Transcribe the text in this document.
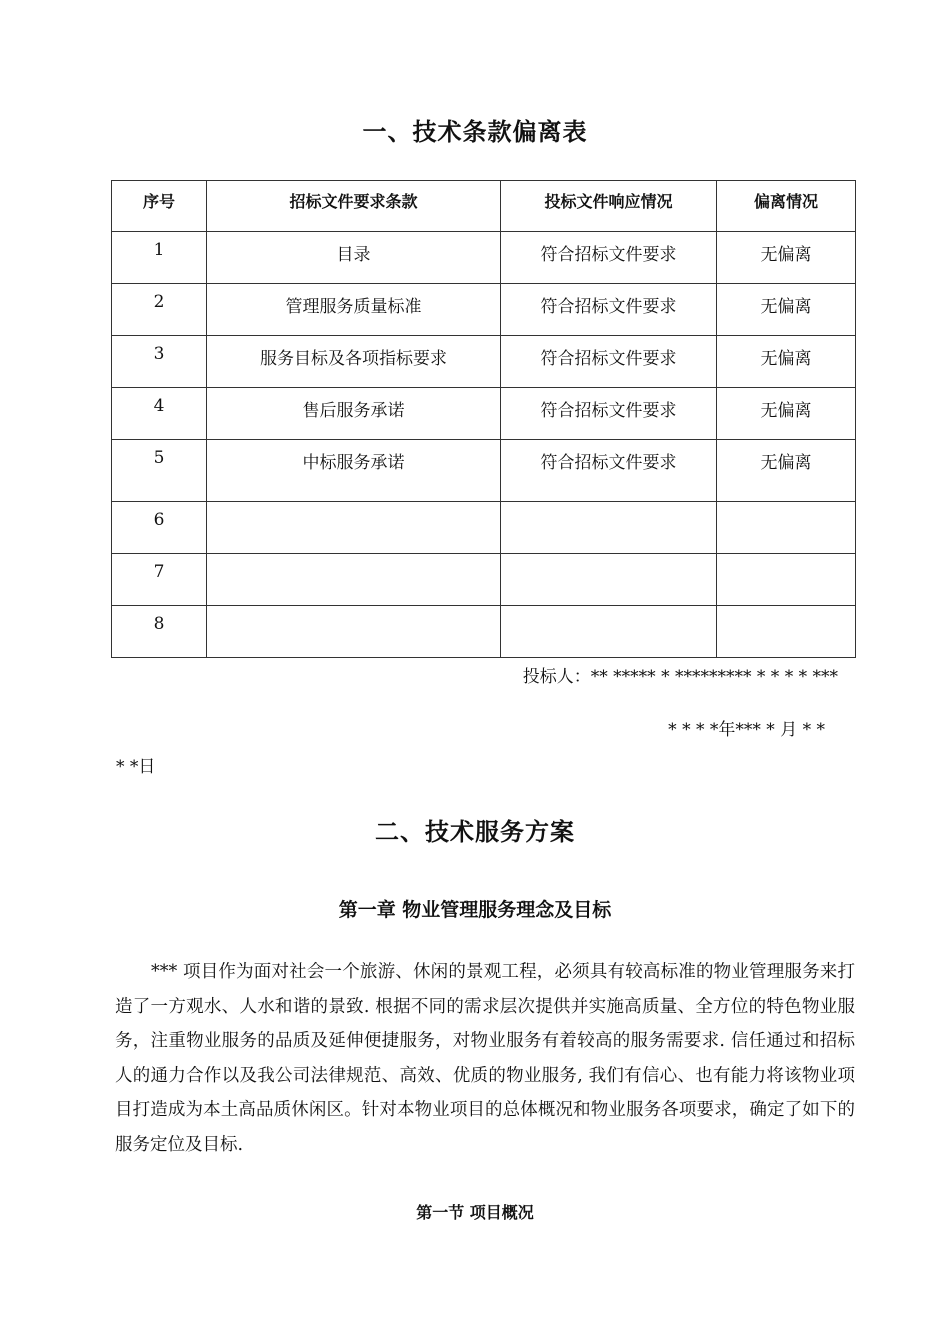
一、技术条款偏离表
序号	招标文件要求条款	投标文件响应情况	偏离情况
1	目录	符合招标文件要求	无偏离
2	管理服务质量标准	符合招标文件要求	无偏离
3	服务目标及各项指标要求	符合招标文件要求	无偏离
4	售后服务承诺	符合招标文件要求	无偏离
5	中标服务承诺	符合招标文件要求	无偏离
6			
7			
8			
投标人：** ***** * ********* * * * * ***
* * * *年*** * 月 * *
* *日
二、技术服务方案
第一章 物业管理服务理念及目标
*** 项目作为面对社会一个旅游、休闲的景观工程，必须具有较高标准的物业管理服务来打造了一方观水、人水和谐的景致. 根据不同的需求层次提供并实施高质量、全方位的特色物业服务，注重物业服务的品质及延伸便捷服务，对物业服务有着较高的服务需要求. 信任通过和招标人的通力合作以及我公司法律规范、高效、优质的物业服务, 我们有信心、也有能力将该物业项目打造成为本土高品质休闲区。针对本物业项目的总体概况和物业服务各项要求，确定了如下的服务定位及目标.
第一节 项目概况
